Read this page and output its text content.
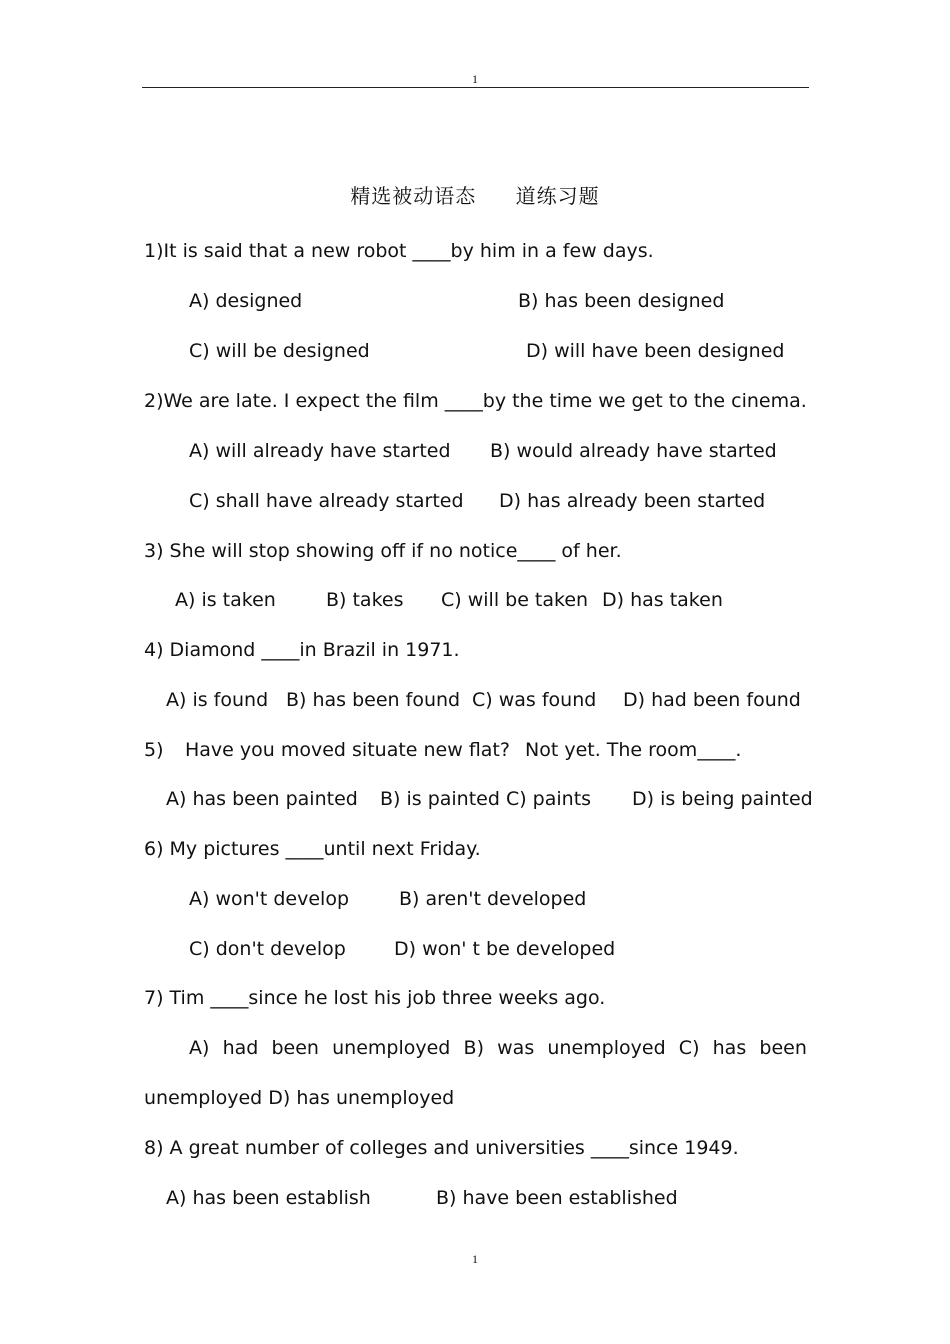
1
精选被动语态 道练习题
1)It is said that a new robot ____by him in a few days.
A) designed	B) has been designed
C) will be designed	D) will have been designed
2)We are late. I expect the film ____by the time we get to the cinema.
A) will already have started B) would already have started
C) shall have already started D) has already been started
3) She will stop showing off if no notice____ of her.
A) is taken	B) takes C) will be taken D) has taken
4) Diamond ____in Brazil in 1971.
A) is found B) has been found C) was found D) had been found
5) Have you moved situate new flat? Not yet. The room____.
A) has been painted B) is painted C) paints D) is being painted
6) My pictures ____until next Friday.
A) won't develop	B) aren't developed
C) don't develop	D) won' t be developed
7) Tim ____since he lost his job three weeks ago.
A) had been unemployed B) was unemployed C) has been
unemployed D) has unemployed
8) A great number of colleges and universities ____since 1949.
A) has been establish	B) have been established
1
